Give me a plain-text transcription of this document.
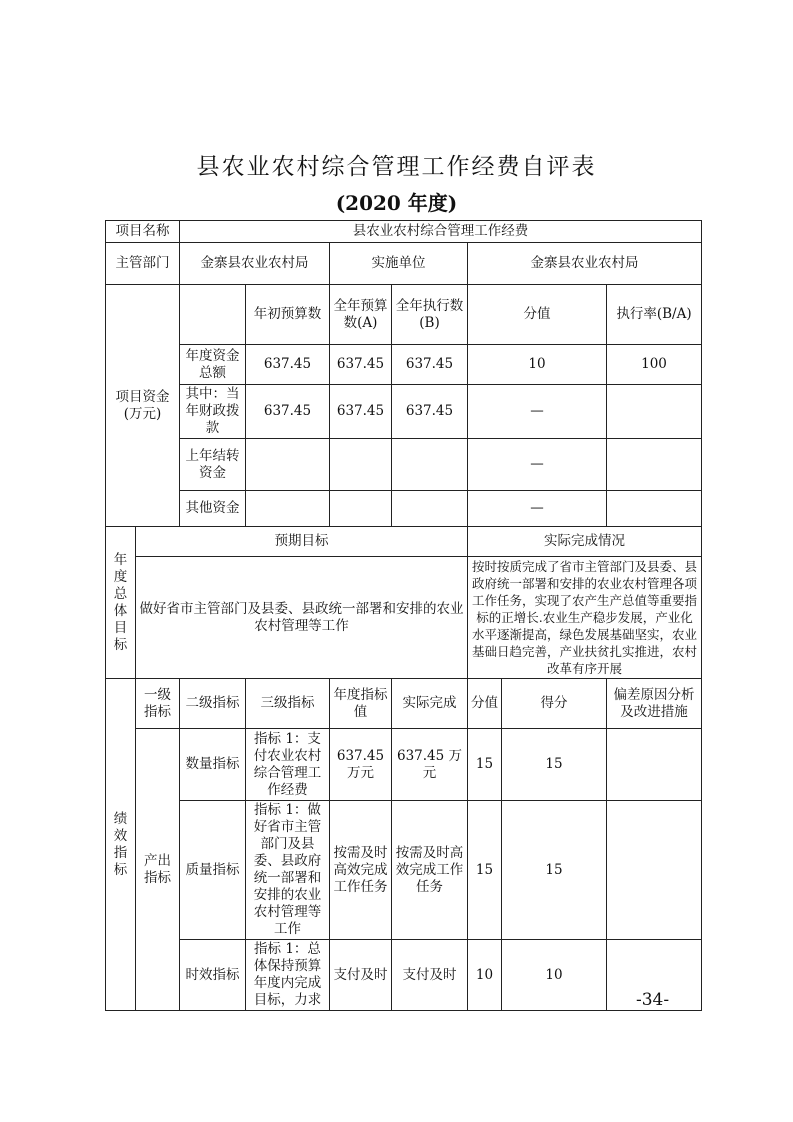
县农业农村综合管理工作经费自评表
(2020 年度)
项目名称		县农业农村综合管理工作经费							
主管部门		金寨县农业农村局		实施单位		金寨县农业农村局			
项目资金
(万元)			年初预算数	全年预算数(A)	全年执行数(B)	分值		执行率(B/A)	
		年度资金总额	637.45	637.45	637.45	10		100	
		其中：当年财政拨款	637.45	637.45	637.45	—		
		上年结转资金				—		
		其他资金				—		
年度总体目标	预期目标					实际完成情况			
	做好省市主管部门及县委、县政统一部署和安排的农业农村管理等工作					按时按质完成了省市主管部门及县委、县政府统一部署和安排的农业农村管理各项工作任务，实现了农产生产总值等重要指标的正增长.农业生产稳步发展，产业化水平逐渐提高，绿色发展基础坚实，农业基础日趋完善，产业扶贫扎实推进，农村改革有序开展			
绩效指标	一级指标	二级指标	三级指标	年度指标值	实际完成	分值	得分	偏差原因分析及改进措施	
	产出指标	数量指标	指标 1：支付农业农村综合管理工作经费	637.45 万元	637.45 万元	15	15		
		质量指标	指标 1：做好省市主管部门及县委、县政府统一部署和安排的农业农村管理等工作	按需及时高效完成工作任务	按需及时高效完成工作任务	15	15		
		时效指标	指标 1：总体保持预算年度内完成目标，力求	支付及时	支付及时	10	10		
-34-
